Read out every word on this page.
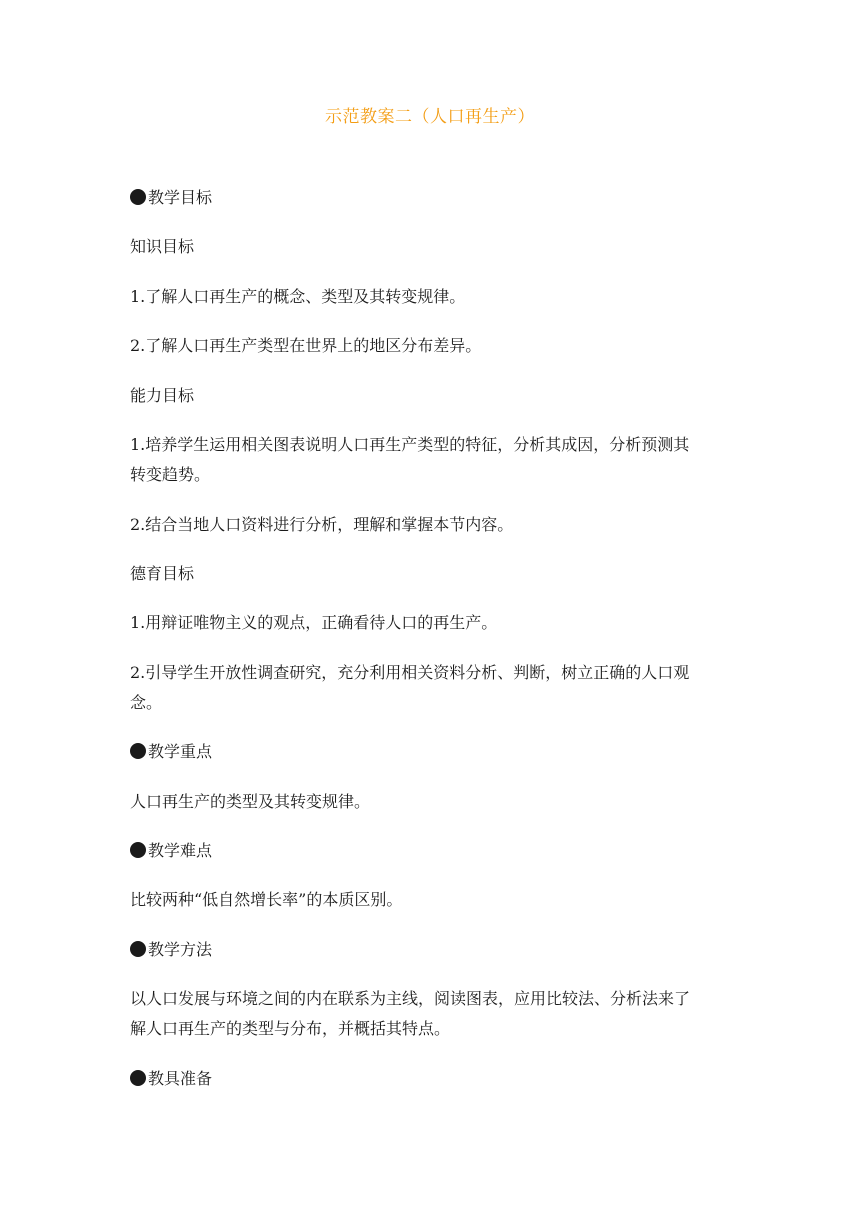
示范教案二（人口再生产）
教学目标
知识目标
1.了解人口再生产的概念、类型及其转变规律。
2.了解人口再生产类型在世界上的地区分布差异。
能力目标
1.培养学生运用相关图表说明人口再生产类型的特征，分析其成因，分析预测其
转变趋势。
2.结合当地人口资料进行分析，理解和掌握本节内容。
德育目标
1.用辩证唯物主义的观点，正确看待人口的再生产。
2.引导学生开放性调查研究，充分利用相关资料分析、判断，树立正确的人口观
念。
教学重点
人口再生产的类型及其转变规律。
教学难点
比较两种“低自然增长率”的本质区别。
教学方法
以人口发展与环境之间的内在联系为主线，阅读图表，应用比较法、分析法来了
解人口再生产的类型与分布，并概括其特点。
教具准备
